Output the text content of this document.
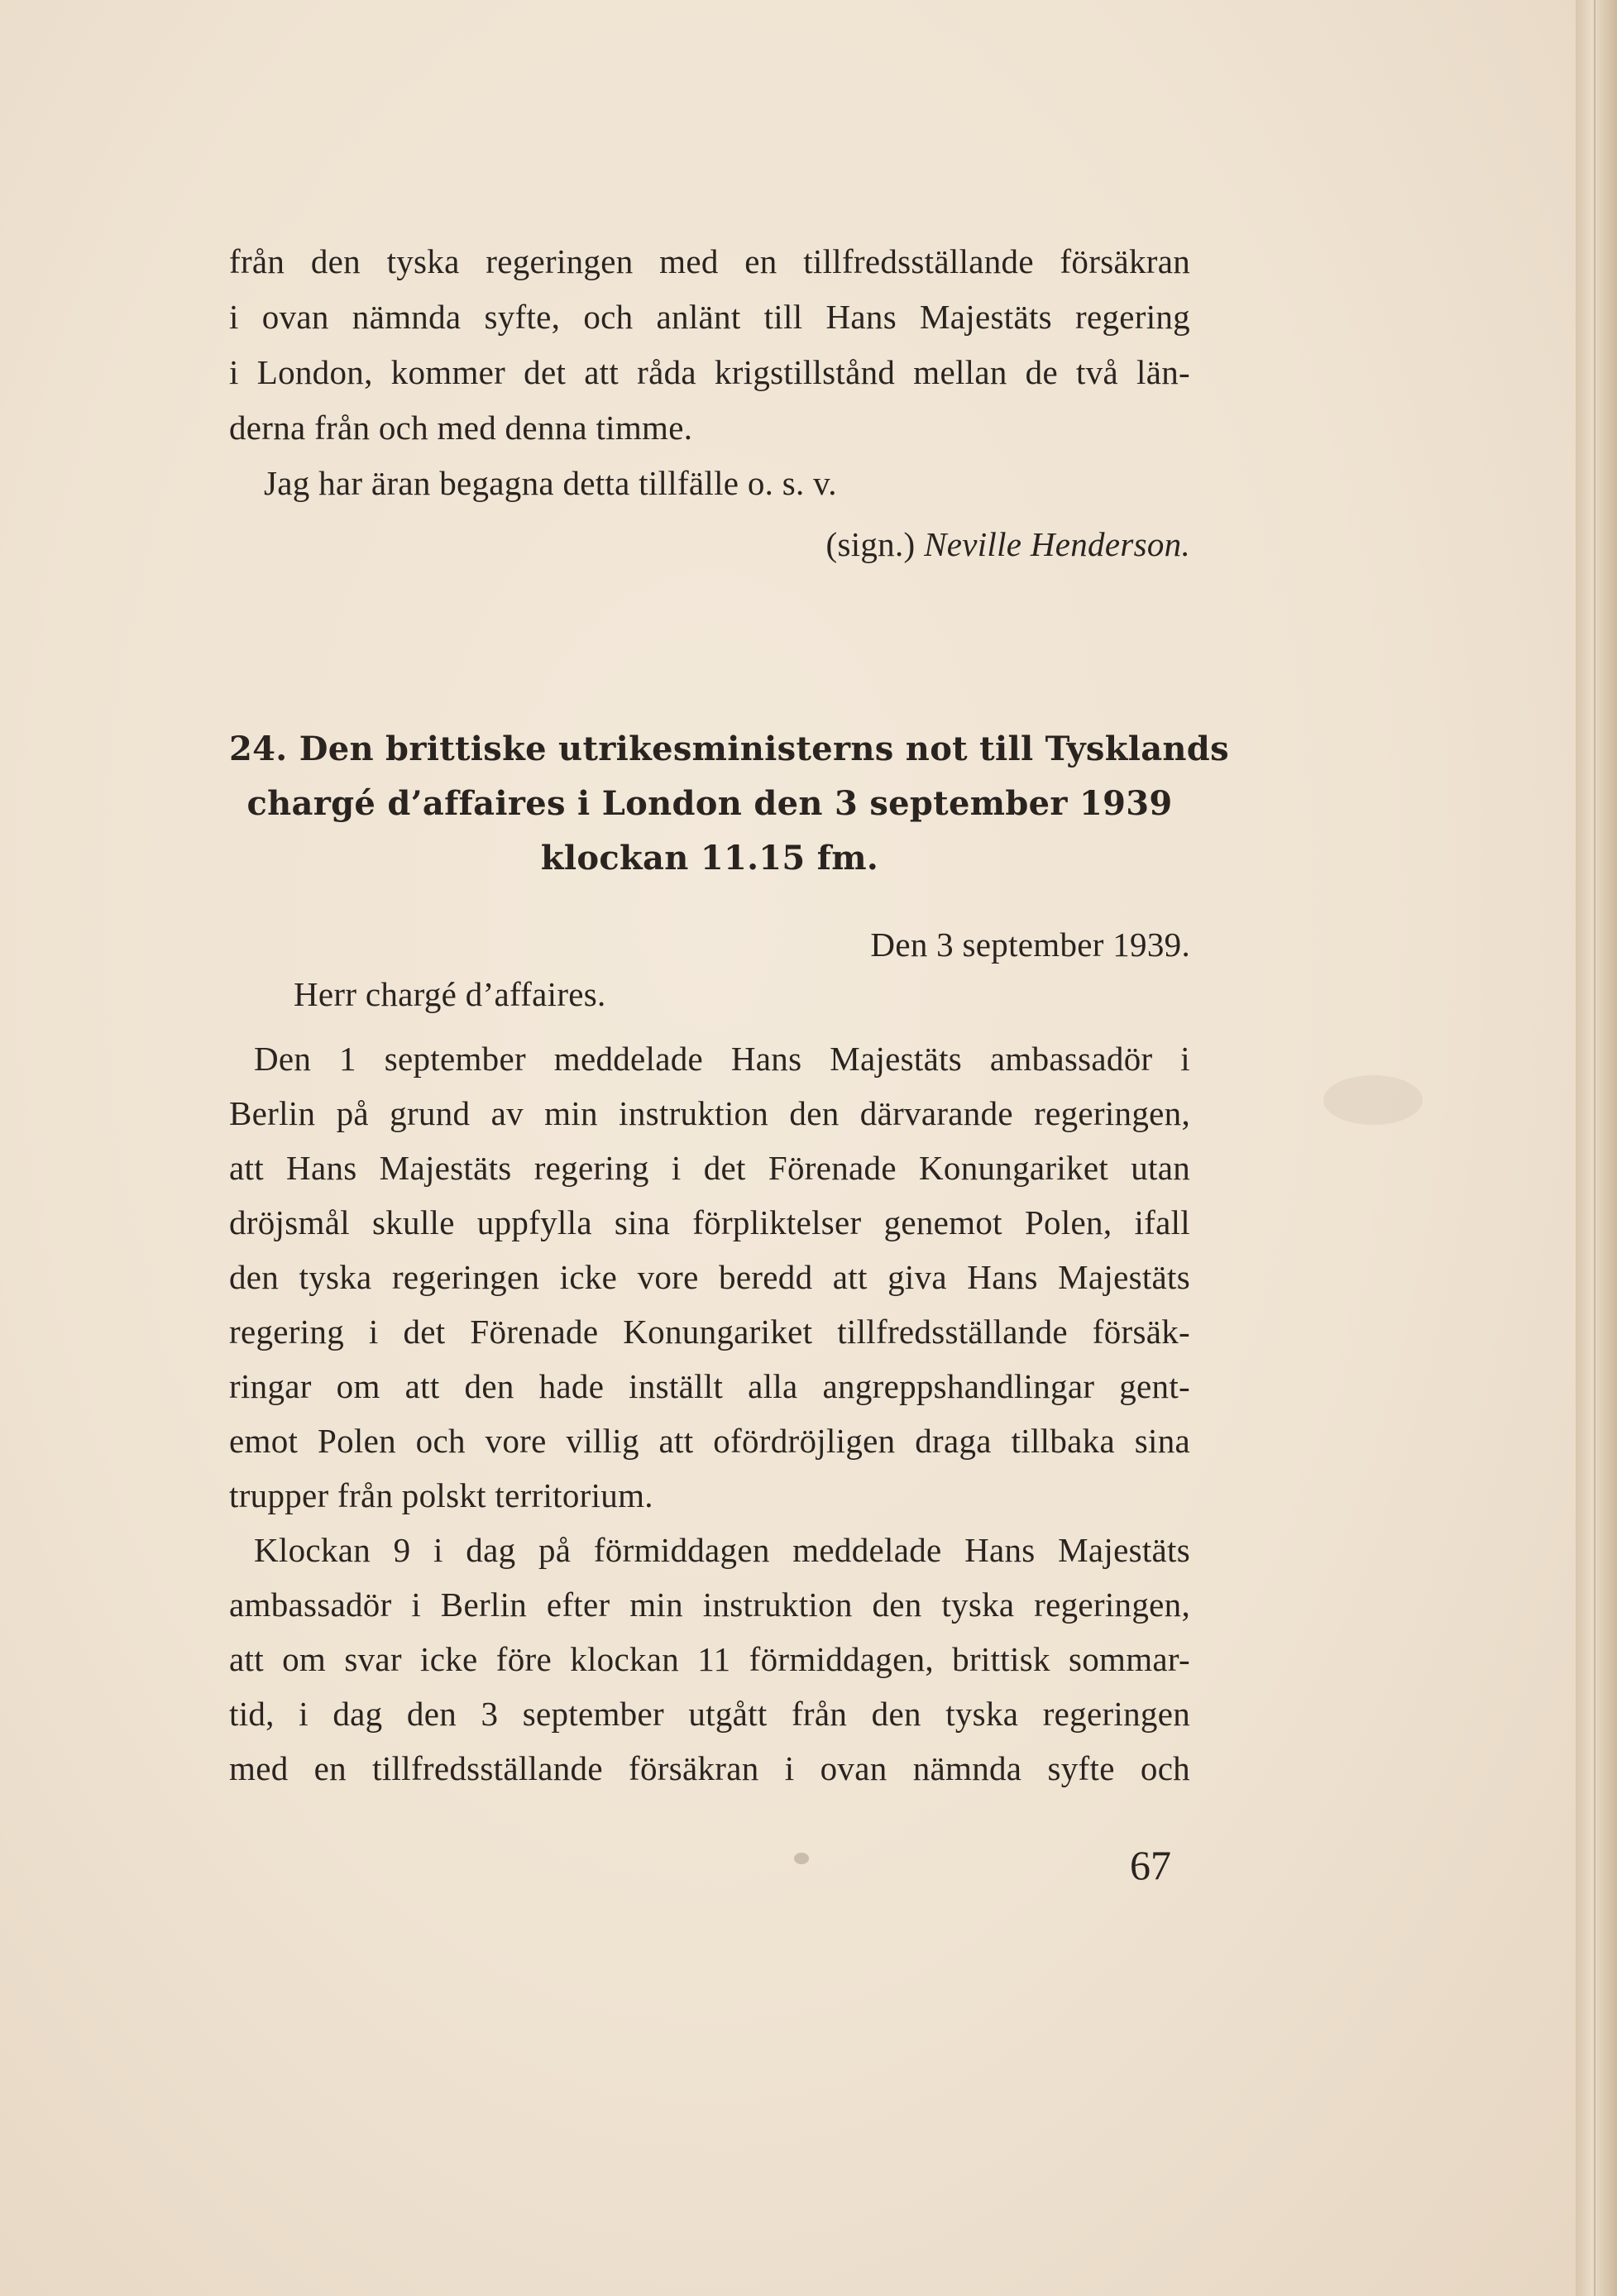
från den tyska regeringen med en tillfredsställande försäkran
i ovan nämnda syfte, och anlänt till Hans Majestäts regering
i London, kommer det att råda krigstillstånd mellan de två län-
derna från och med denna timme.
Jag har äran begagna detta tillfälle o. s. v.
(sign.) Neville Henderson.
24. Den brittiske utrikesministerns not till Tysklands
chargé d’affaires i London den 3 september 1939
klockan 11.15 fm.
Den 3 september 1939.
Herr chargé d’affaires.
Den 1 september meddelade Hans Majestäts ambassadör i
Berlin på grund av min instruktion den därvarande regeringen,
att Hans Majestäts regering i det Förenade Konungariket utan
dröjsmål skulle uppfylla sina förpliktelser genemot Polen, ifall
den tyska regeringen icke vore beredd att giva Hans Majestäts
regering i det Förenade Konungariket tillfredsställande försäk-
ringar om att den hade inställt alla angreppshandlingar gent-
emot Polen och vore villig att ofördröjligen draga tillbaka sina
trupper från polskt territorium.
Klockan 9 i dag på förmiddagen meddelade Hans Majestäts
ambassadör i Berlin efter min instruktion den tyska regeringen,
att om svar icke före klockan 11 förmiddagen, brittisk sommar-
tid, i dag den 3 september utgått från den tyska regeringen
med en tillfredsställande försäkran i ovan nämnda syfte och
67
